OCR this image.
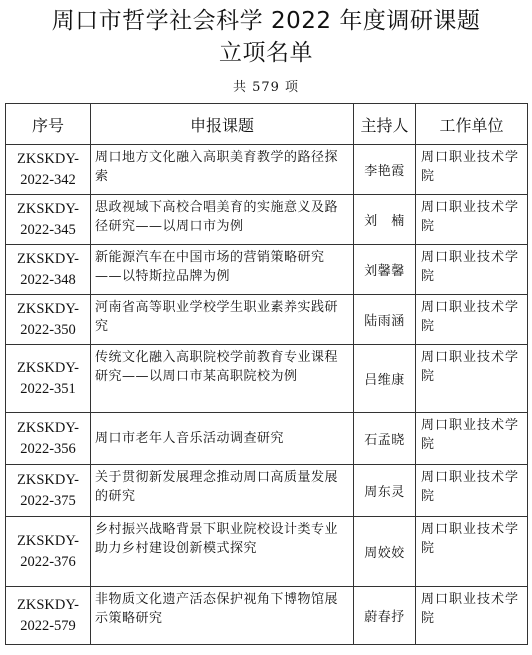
周口市哲学社会科学 2022 年度调研课题
立项名单
共 579 项
序号	申报课题	主持人	工作单位
ZKSKDY-
2022-342	周口地方文化融入高职美育教学的路径探索	李艳霞	周口职业技术学院
ZKSKDY-
2022-345	思政视域下高校合唱美育的实施意义及路径研究——以周口市为例	刘　楠	周口职业技术学院
ZKSKDY-
2022-348	新能源汽车在中国市场的营销策略研究——以特斯拉品牌为例	刘馨馨	周口职业技术学院
ZKSKDY-
2022-350	河南省高等职业学校学生职业素养实践研究	陆雨涵	周口职业技术学院
ZKSKDY-
2022-351	传统文化融入高职院校学前教育专业课程研究——以周口市某高职院校为例	吕维康	周口职业技术学院
ZKSKDY-
2022-356	周口市老年人音乐活动调查研究	石孟晓	周口职业技术学院
ZKSKDY-
2022-375	关于贯彻新发展理念推动周口高质量发展的研究	周东灵	周口职业技术学院
ZKSKDY-
2022-376	乡村振兴战略背景下职业院校设计类专业助力乡村建设创新模式探究	周姣姣	周口职业技术学院
ZKSKDY-
2022-579	非物质文化遗产活态保护视角下博物馆展示策略研究	蔚春抒	周口职业技术学院
